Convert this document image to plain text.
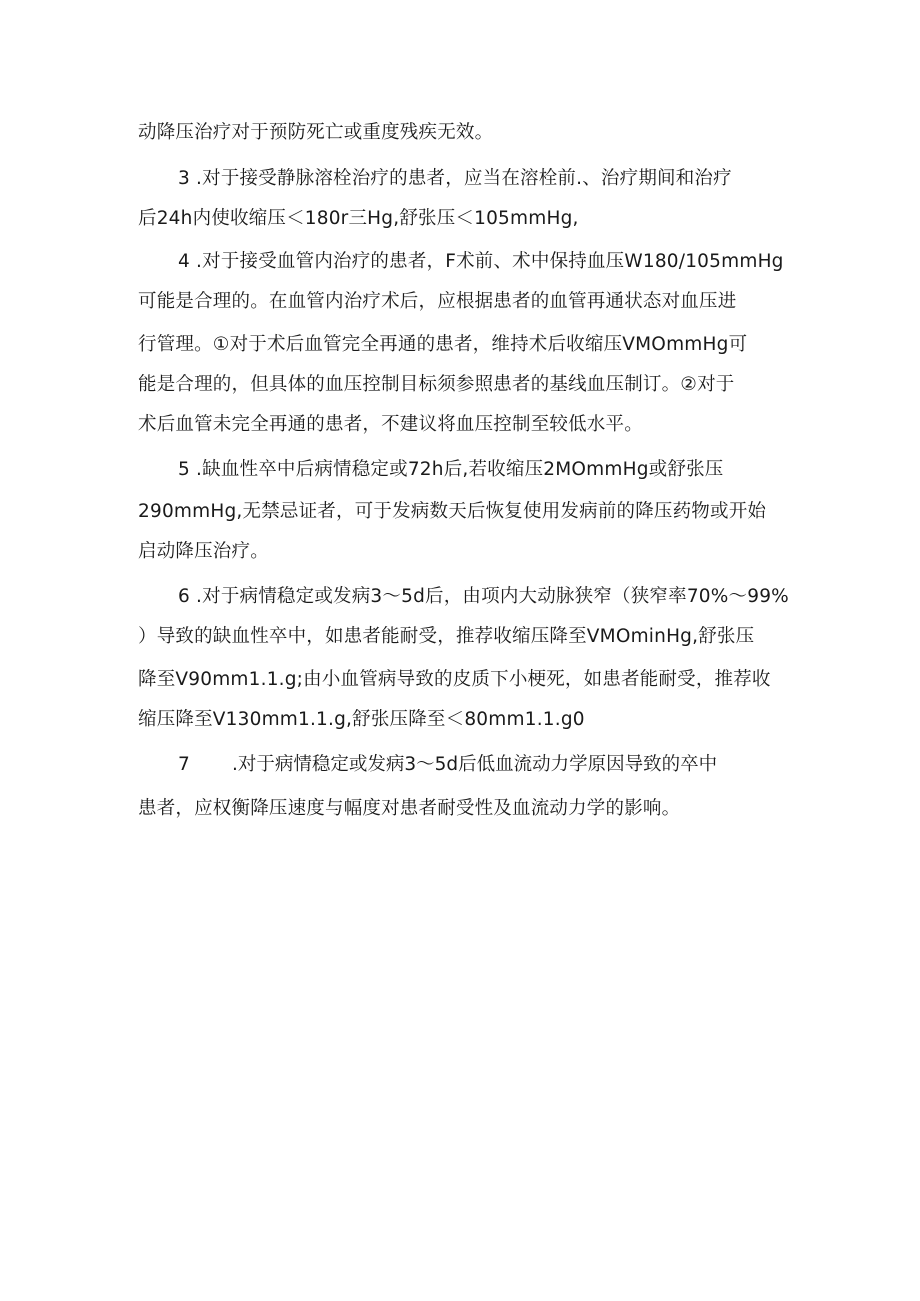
动降压治疗对于预防死亡或重度残疾无效。
3 .对于接受静脉溶栓治疗的患者，应当在溶栓前.、治疗期间和治疗
后24h内使收缩压＜180r三Hg,舒张压＜105mmHg,
4 .对于接受血管内治疗的患者，F术前、术中保持血压W180/105mmHg
可能是合理的。在血管内治疗术后，应根据患者的血管再通状态对血压进
行管理。①对于术后血管完全再通的患者，维持术后收缩压VMOmmHg可
能是合理的，但具体的血压控制目标须参照患者的基线血压制订。②对于
术后血管未完全再通的患者，不建议将血压控制至较低水平。
5 .缺血性卒中后病情稳定或72h后,若收缩压2MOmmHg或舒张压
290mmHg,无禁忌证者，可于发病数天后恢复使用发病前的降压药物或开始
启动降压治疗。
6 .对于病情稳定或发病3〜5d后，由项内大动脉狭窄（狭窄率70%〜99%
）导致的缺血性卒中，如患者能耐受，推荐收缩压降至VMOminHg,舒张压
降至V90mm1.1.g;由小血管病导致的皮质下小梗死，如患者能耐受，推荐收
缩压降至V130mm1.1.g,舒张压降至＜80mm1.1.g0
7 .对于病情稳定或发病3〜5d后低血流动力学原因导致的卒中
患者，应权衡降压速度与幅度对患者耐受性及血流动力学的影响。
